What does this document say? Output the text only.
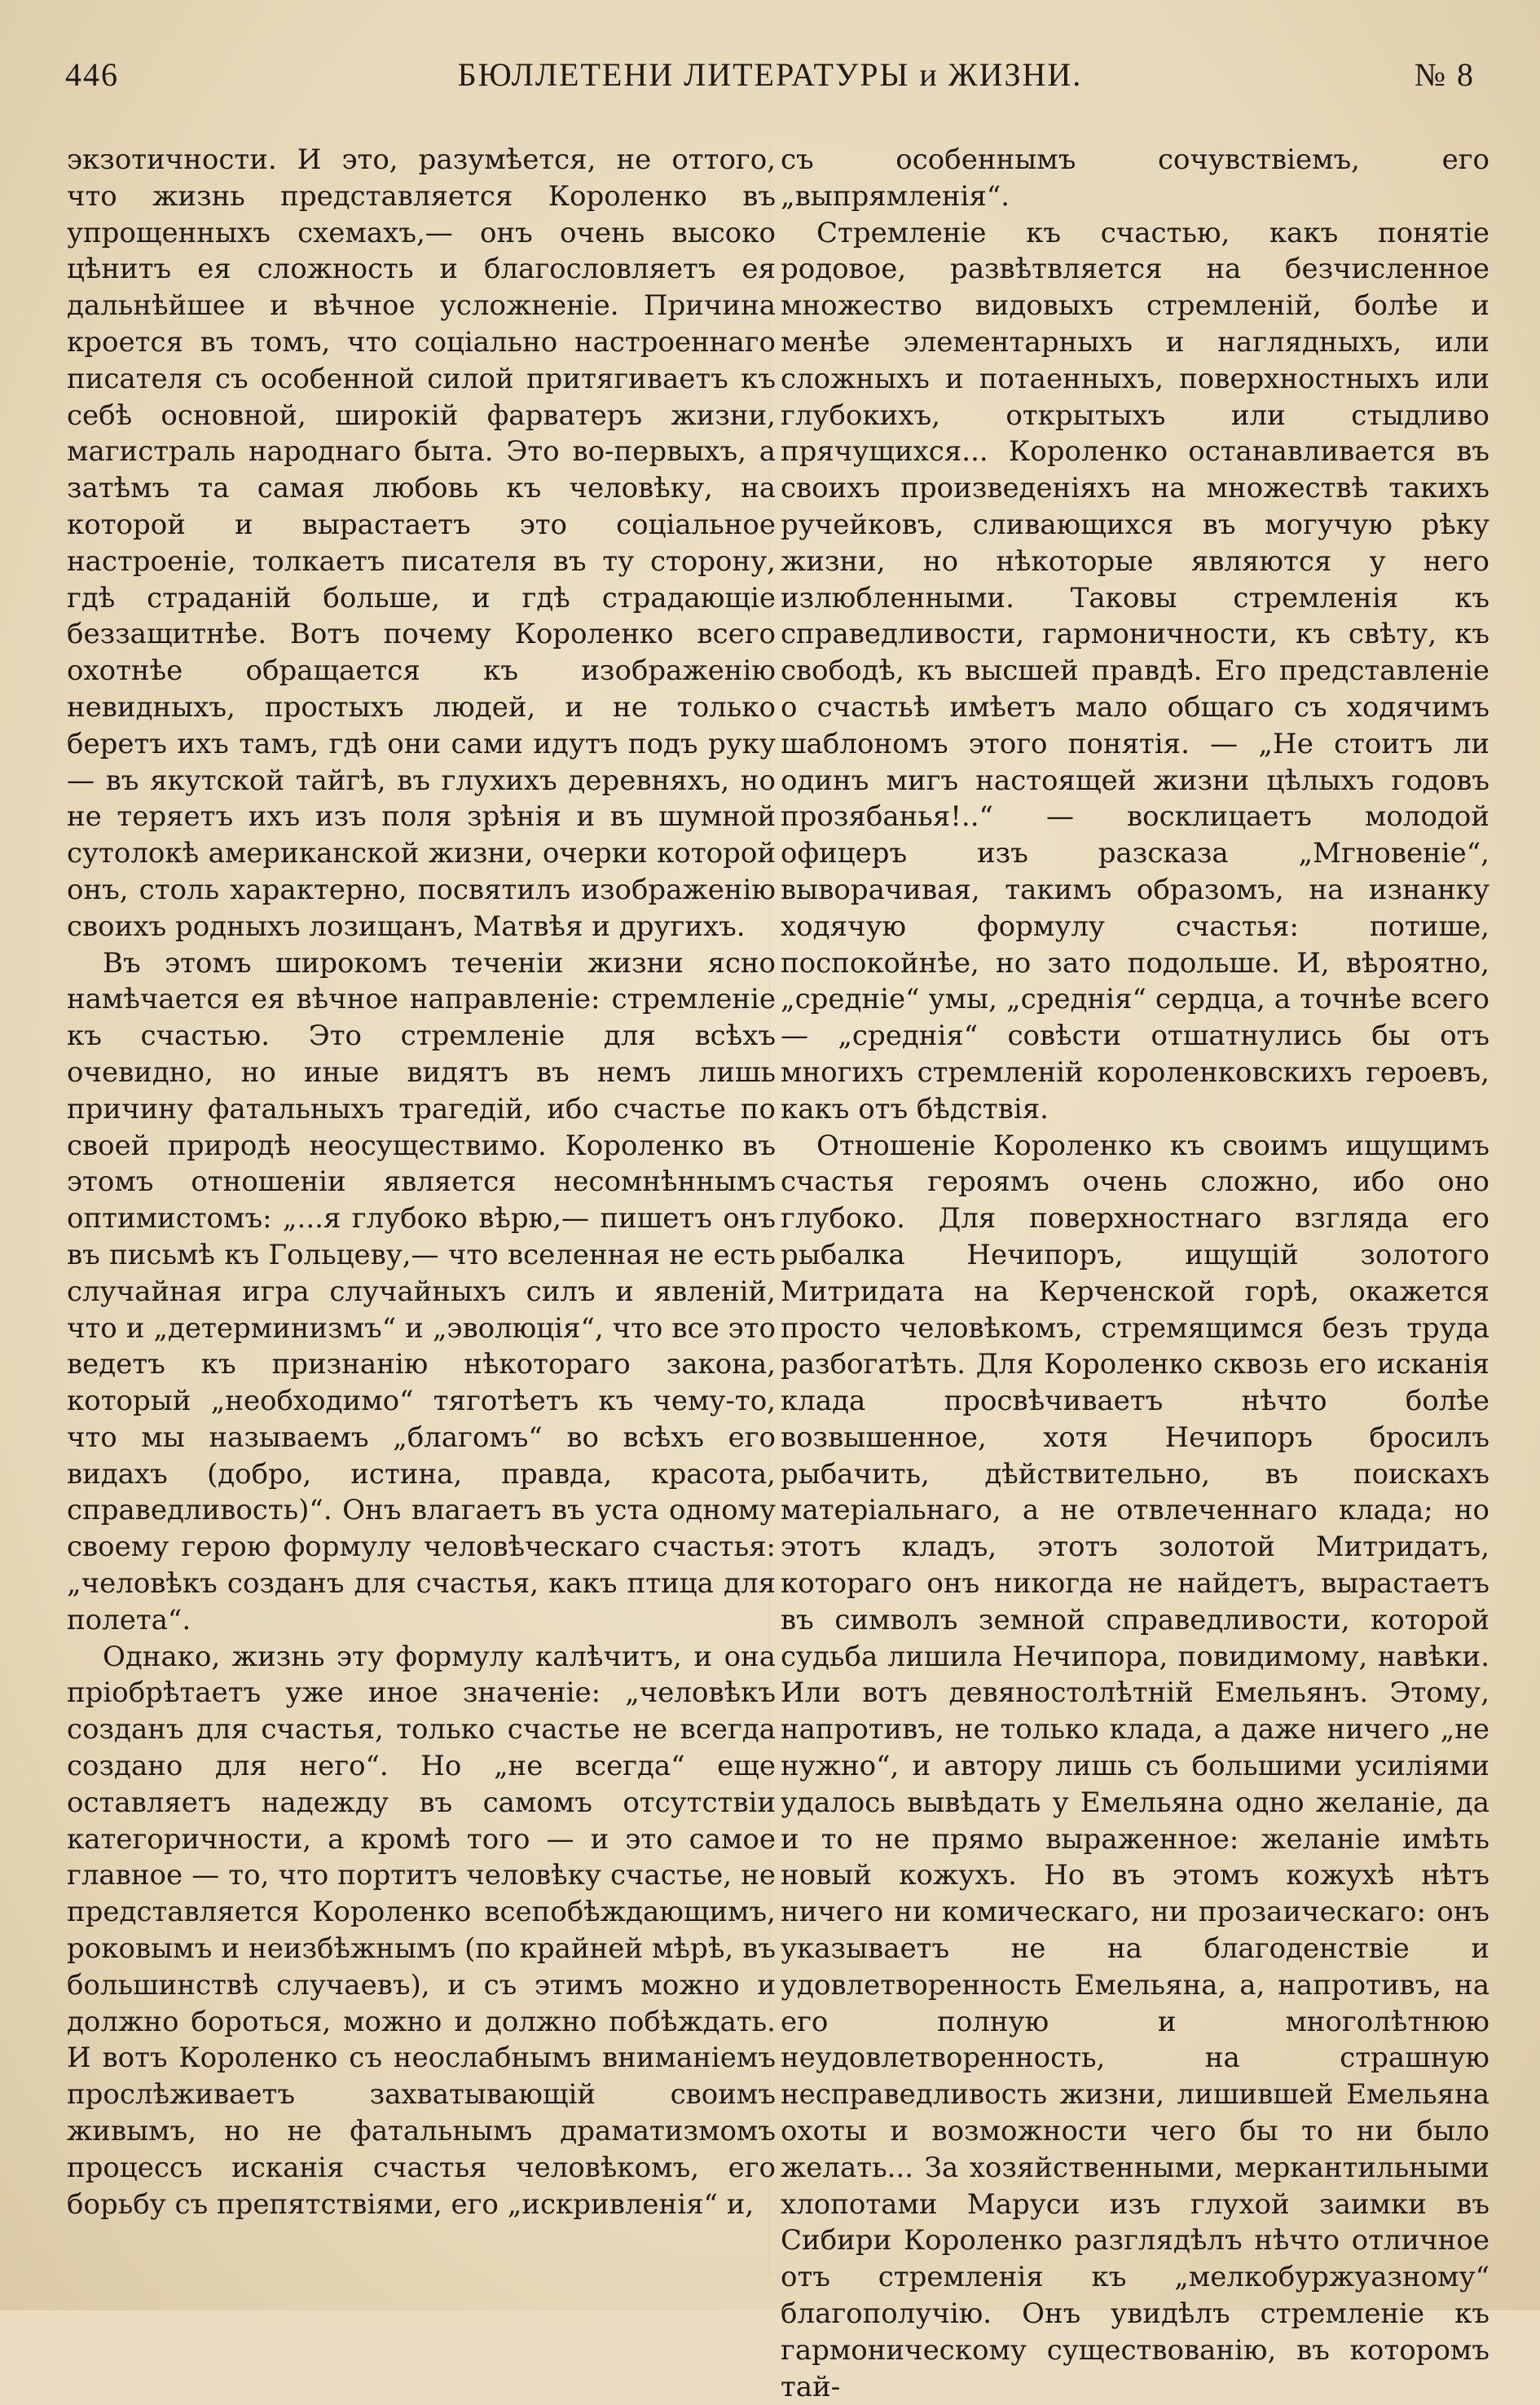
446	БЮЛЛЕТЕНИ ЛИТЕРАТУРЫ и ЖИЗНИ.	№ 8

экзотичности. И это, разумѣется, не оттого, что жизнь представляется Короленко въ упрощенныхъ схемахъ,— онъ очень высоко цѣнитъ ея сложность и благословляетъ ея дальнѣйшее и вѣчное усложненіе. Причина кроется въ томъ, что соціально настроеннаго писателя съ особенной силой притягиваетъ къ себѣ основной, широкій фарватеръ жизни, магистраль народнаго быта. Это во-первыхъ, а затѣмъ та самая любовь къ человѣку, на которой и вырастаетъ это соціальное настроеніе, толкаетъ писателя въ ту сторону, гдѣ страданій больше, и гдѣ страдающіе беззащитнѣе. Вотъ почему Короленко всего охотнѣе обращается къ изображенію невидныхъ, простыхъ людей, и не только беретъ ихъ тамъ, гдѣ они сами идутъ подъ руку — въ якутской тайгѣ, въ глухихъ деревняхъ, но не теряетъ ихъ изъ поля зрѣнія и въ шумной сутолокѣ американской жизни, очерки которой онъ, столь характерно, посвятилъ изображенію своихъ родныхъ лозищанъ, Матвѣя и другихъ.

Въ этомъ широкомъ теченіи жизни ясно намѣчается ея вѣчное направленіе: стремленіе къ счастью. Это стремленіе для всѣхъ очевидно, но иные видятъ въ немъ лишь причину фатальныхъ трагедій, ибо счастье по своей природѣ неосуществимо. Короленко въ этомъ отношеніи является несомнѣннымъ оптимистомъ: „...я глубоко вѣрю,— пишетъ онъ въ письмѣ къ Гольцеву,— что вселенная не есть случайная игра случайныхъ силъ и явленій, что и „детерминизмъ“ и „эволюція“, что все это ведетъ къ признанію нѣкотораго закона, который „необходимо“ тяготѣетъ къ чему-то, что мы называемъ „благомъ“ во всѣхъ его видахъ (добро, истина, правда, красота, справедливость)“. Онъ влагаетъ въ уста одному своему герою формулу человѣческаго счастья: „человѣкъ созданъ для счастья, какъ птица для полета“.

Однако, жизнь эту формулу калѣчитъ, и она пріобрѣтаетъ уже иное значеніе: „человѣкъ созданъ для счастья, только счастье не всегда создано для него“. Но „не всегда“ еще оставляетъ надежду въ самомъ отсутствіи категоричности, а кромѣ того — и это самое главное — то, что портитъ человѣку счастье, не представляется Короленко всепобѣждающимъ, роковымъ и неизбѣжнымъ (по крайней мѣрѣ, въ большинствѣ случаевъ), и съ этимъ можно и должно бороться, можно и должно побѣждать. И вотъ Короленко съ неослабнымъ вниманіемъ прослѣживаетъ захватывающій своимъ живымъ, но не фатальнымъ драматизмомъ процессъ исканія счастья человѣкомъ, его борьбу съ препятствіями, его „искривленія“ и,

съ особеннымъ сочувствіемъ, его „выпрямленія“.

Стремленіе къ счастью, какъ понятіе родовое, развѣтвляется на безчисленное множество видовыхъ стремленій, болѣе и менѣе элементарныхъ и наглядныхъ, или сложныхъ и потаенныхъ, поверхностныхъ или глубокихъ, открытыхъ или стыдливо прячущихся... Короленко останавливается въ своихъ произведеніяхъ на множествѣ такихъ ручейковъ, сливающихся въ могучую рѣку жизни, но нѣкоторые являются у него излюбленными. Таковы стремленія къ справедливости, гармоничности, къ свѣту, къ свободѣ, къ высшей правдѣ. Его представленіе о счастьѣ имѣетъ мало общаго съ ходячимъ шаблономъ этого понятія. — „Не стоитъ ли одинъ мигъ настоящей жизни цѣлыхъ годовъ прозябанья!..“ — восклицаетъ молодой офицеръ изъ разсказа „Мгновеніе“, выворачивая, такимъ образомъ, на изнанку ходячую формулу счастья: потише, поспокойнѣе, но зато подольше. И, вѣроятно, „средніе“ умы, „среднія“ сердца, а точнѣе всего — „среднія“ совѣсти отшатнулись бы отъ многихъ стремленій короленковскихъ героевъ, какъ отъ бѣдствія.

Отношеніе Короленко къ своимъ ищущимъ счастья героямъ очень сложно, ибо оно глубоко. Для поверхностнаго взгляда его рыбалка Нечипоръ, ищущій золотого Митридата на Керченской горѣ, окажется просто человѣкомъ, стремящимся безъ труда разбогатѣть. Для Короленко сквозь его исканія клада просвѣчиваетъ нѣчто болѣе возвышенное, хотя Нечипоръ бросилъ рыбачить, дѣйствительно, въ поискахъ матеріальнаго, а не отвлеченнаго клада; но этотъ кладъ, этотъ золотой Митридатъ, котораго онъ никогда не найдетъ, вырастаетъ въ символъ земной справедливости, которой судьба лишила Нечипора, повидимому, навѣки. Или вотъ девяностолѣтній Емельянъ. Этому, напротивъ, не только клада, а даже ничего „не нужно“, и автору лишь съ большими усиліями удалось вывѣдать у Емельяна одно желаніе, да и то не прямо выраженное: желаніе имѣть новый кожухъ. Но въ этомъ кожухѣ нѣтъ ничего ни комическаго, ни прозаическаго: онъ указываетъ не на благоденствіе и удовлетворенность Емельяна, а, напротивъ, на его полную и многолѣтнюю неудовлетворенность, на страшную несправедливость жизни, лишившей Емельяна охоты и возможности чего бы то ни было желать... За хозяйственными, меркантильными хлопотами Маруси изъ глухой заимки въ Сибири Короленко разглядѣлъ нѣчто отличное отъ стремленія къ „мелкобуржуазному“ благополучію. Онъ увидѣлъ стремленіе къ гармоническому существованію, въ которомъ тай-
